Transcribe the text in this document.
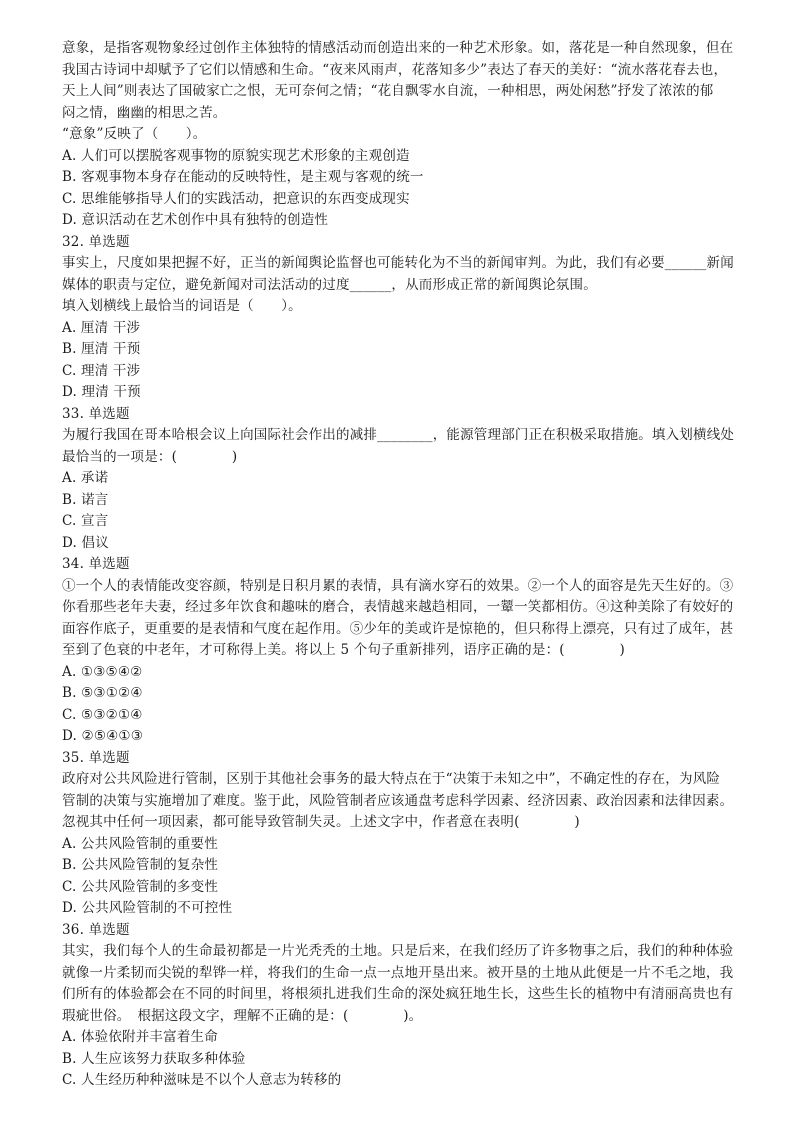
意象，是指客观物象经过创作主体独特的情感活动而创造出来的一种艺术形象。如，落花是一种自然现象，但在
我国古诗词中却赋予了它们以情感和生命。“夜来风雨声，花落知多少”表达了春天的美好：“流水落花春去也，
天上人间”则表达了国破家亡之恨，无可奈何之情；“花自飘零水自流，一种相思，两处闲愁”抒发了浓浓的郁
闷之情，幽幽的相思之苦。
“意象”反映了（　　）。
A. 人们可以摆脱客观事物的原貌实现艺术形象的主观创造
B. 客观事物本身存在能动的反映特性，是主观与客观的统一
C. 思维能够指导人们的实践活动，把意识的东西变成现实
D. 意识活动在艺术创作中具有独特的创造性
32. 单选题
事实上，尺度如果把握不好，正当的新闻舆论监督也可能转化为不当的新闻审判。为此，我们有必要______新闻
媒体的职责与定位，避免新闻对司法活动的过度______，从而形成正常的新闻舆论氛围。
填入划横线上最恰当的词语是（　　）。
A. 厘清 干涉
B. 厘清 干预
C. 理清 干涉
D. 理清 干预
33. 单选题
为履行我国在哥本哈根会议上向国际社会作出的减排________，能源管理部门正在积极采取措施。填入划横线处
最恰当的一项是：(　　　　)
A. 承诺
B. 诺言
C. 宣言
D. 倡议
34. 单选题
①一个人的表情能改变容颜，特别是日积月累的表情，具有滴水穿石的效果。②一个人的面容是先天生好的。③
你看那些老年夫妻，经过多年饮食和趣味的磨合，表情越来越趋相同，一颦一笑都相仿。④这种美除了有姣好的
面容作底子，更重要的是表情和气度在起作用。⑤少年的美或许是惊艳的，但只称得上漂亮，只有过了成年，甚
至到了色衰的中老年，才可称得上美。将以上 5 个句子重新排列，语序正确的是：(　　　　)
A. ①③⑤④②
B. ⑤③①②④
C. ⑤③②①④
D. ②⑤④①③
35. 单选题
政府对公共风险进行管制，区别于其他社会事务的最大特点在于“决策于未知之中”，不确定性的存在，为风险
管制的决策与实施增加了难度。鉴于此，风险管制者应该通盘考虑科学因素、经济因素、政治因素和法律因素。
忽视其中任何一项因素，都可能导致管制失灵。上述文字中，作者意在表明(　　　　)
A. 公共风险管制的重要性
B. 公共风险管制的复杂性
C. 公共风险管制的多变性
D. 公共风险管制的不可控性
36. 单选题
其实，我们每个人的生命最初都是一片光秃秃的土地。只是后来，在我们经历了许多物事之后，我们的种种体验
就像一片柔韧而尖锐的犁铧一样，将我们的生命一点一点地开垦出来。被开垦的土地从此便是一片不毛之地，我
们所有的体验都会在不同的时间里，将根须扎进我们生命的深处疯狂地生长，这些生长的植物中有清丽高贵也有
瑕疵世俗。　根据这段文字，理解不正确的是：(　　　　)。
A. 体验依附并丰富着生命
B. 人生应该努力获取多种体验
C. 人生经历种种滋味是不以个人意志为转移的
